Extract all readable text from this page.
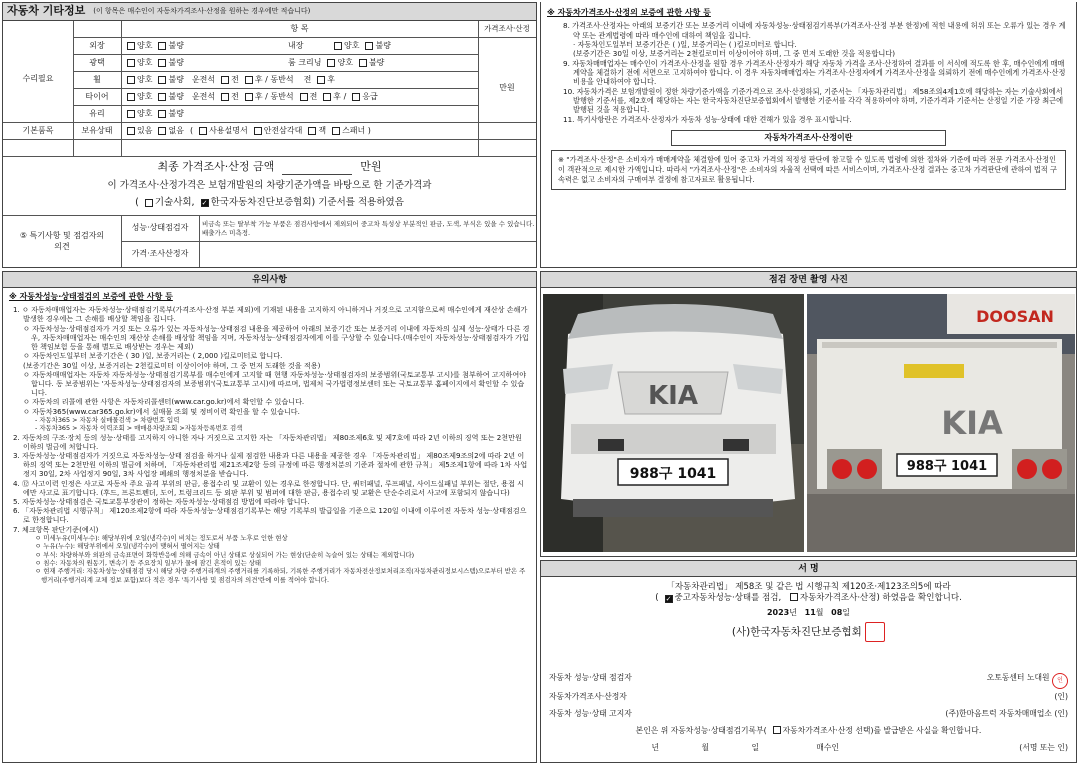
자동차 기타정보 (이 항목은 매수인이 자동차가격조사·산정을 원하는 경우에만 적습니다)
항 목	가격조사·산정
수리필요
만원
외장	양호 불량	내장	양호 불량
광택	양호 불량	룸 크리닝 양호 불량
휠	양호 불량 운전석 전 후 / 동반석 전 후
타이어	양호 불량 운전석 전 후 / 동반석 전 후 / 응급
유리	양호 불량
기본품목	보유상태	있음 없음 ( 사용설명서 안전삼각대 잭 스패너 )
최종 가격조사·산정 금액
	만원
이 가격조사·산정가격은 보험개발원의 차량기준가액을 바탕으로 한 기준가격과
( 기술사회, ✓ 한국자동차진단보증협회 ) 기준서를 적용하였음
⑤ 특기사항 및 점검자의 의견
성능·상태점검자 비금속 또는 탈부착 가능 부품은 점검사항에서 제외되어 중고차 특성상 부분적인 판금, 도색, 부식은 있을 수 있습니다. 배출가스 미측정.
가격·조사산정자
※ 자동차가격조사·산정의 보증에 관한 사항 등
8. 가격조사·산정자는 아래의 보증기간 또는 보증거리 이내에 자동차성능·상태점검기록부(가격조사·산정 부분 한정)에 적힌 내용에 허위 또는 오류가 있는 경우 계약 또는 관계법령에 따라 매수인에 대하여 책임을 집니다.
· 자동차인도일부터 보증기간은 ( )일, 보증거리는 ( )킬로미터로 합니다.
(보증기간은 30일 이상, 보증거리는 2천킬로미터 이상이어야 하며, 그 중 먼저 도래한 것을 적용합니다)
9. 자동차매매업자는 매수인이 가격조사·산정을 원할 경우 가격조사·산정자가 해당 자동차 가격을 조사·산정하여 결과를 이 서식에 적도록 한 후, 매수인에게 매매계약을 체결하기 전에 서면으로 고지하여야 합니다. 이 경우 자동차매매업자는 가격조사·산정자에게 가격조사·산정을 의뢰하기 전에 매수인에게 가격조사·산정 비용을 안내하여야 합니다.
10. 자동차가격은 보험개발원이 정한 차량기준가액을 기준가격으로 조사·산정하되, 기준서는 「자동차관리법」 제58조의4제1호에 해당하는 자는 기술사회에서 발행한 기준서를, 제2호에 해당하는 자는 한국자동차진단보증협회에서 발행한 기준서를 각각 적용하여야 하며, 기준가격과 기준서는 산정일 기준 가장 최근에 발행된 것을 적용합니다.
11. 특기사항란은 가격조사·산정자가 자동차 성능·상태에 대한 견해가 있을 경우 표시합니다.
자동차가격조사·산정이란
※ "가격조사·산정"은 소비자가 매매계약을 체결함에 있어 중고차 가격의 적정성 판단에 참고할 수 있도록 법령에 의한 절차와 기준에 따라 전문 가격조사·산정인이 객관적으로 제시한 가액입니다. 따라서 "가격조사·산정"은 소비자의 자율적 선택에 따른 서비스이며, 가격조사·산정 결과는 중고차 가격판단에 관하여 법적 구속력은 없고 소비자의 구매여부 결정에 참고자료로 활용됩니다.
유의사항
※ 자동차성능·상태점검의 보증에 관한 사항 등
1. ㅇ 자동차매매업자는 자동차성능·상태점검기록부(가격조사·산정 부분 제외)에 기재된 내용을 고지하지 아니하거나 거짓으로 고지함으로써 매수인에게 재산상 손해가 발생한 경우에는 그 손해를 배상할 책임을 집니다.
ㅇ 자동차성능·상태점검자가 거짓 또는 오류가 있는 자동차성능·상태점검 내용을 제공하여 아래의 보증기간 또는 보증거리 이내에 자동차의 실제 성능·상태가 다른 경우, 자동차매매업자는 매수인의 재산상 손해를 배상할 책임을 지며, 자동차성능·상태점검자에게 이를 구상할 수 있습니다.(매수인이 자동차성능·상태점검자가 가입한 책임보험 등을 통해 별도로 배상받는 경우는 제외)
ㅇ 자동차인도일부터 보증기간은 ( 30 )일, 보증거리는 ( 2,000 )킬로미터로 합니다.
(보증기간은 30일 이상, 보증거리는 2천킬로미터 이상이어야 하며, 그 중 먼저 도래한 것을 적용)
ㅇ 자동차매매업자는 자동차 자동차성능·상태점검기록부를 매수인에게 고지할 때 현행 자동차성능·상태점검자의 보증범위(국토교통부 고시)를 첨부하여 고지하여야 합니다. 동 보증범위는 '자동차성능·상태점검자의 보증범위'(국토교통부 고시)에 따르며, 법제처 국가법령정보센터 또는 국토교통부 홈페이지에서 확인할 수 있습니다.
ㅇ 자동차의 리콜에 관한 사항은 자동차리콜센터(www.car.go.kr)에서 확인할 수 있습니다.
ㅇ 자동차365(www.car365.go.kr)에서 실매물 조회 및 정비이력 확인을 할 수 있습니다.
- 자동차365 > 자동차 실매물검색 > 차량번호 입력
- 자동차365 > 자동차 이력조회 > 매매용차량조회 >자동차등록번호 검색
2. 자동차의 구조·장치 등의 성능·상태를 고지하지 아니한 자나 거짓으로 고지한 자는 「자동차관리법」 제80조제6호 및 제7호에 따라 2년 이하의 징역 또는 2천만원 이하의 벌금에 처합니다.
3. 자동차성능·상태점검자가 거짓으로 자동차성능·상태 점검을 하거나 실제 점검한 내용과 다른 내용을 제공한 경우 「자동차관리법」 제80조제9조의2에 따라 2년 이하의 징역 또는 2천만원 이하의 벌금에 처하며, 「자동차관리법 제21조제2항 등의 규정에 따른 행정처분의 기준과 절차에 관한 규칙」 제5조제1항에 따라 1차 사업정지 30일, 2차 사업정지 90일, 3차 사업장 폐쇄의 행정처분을 받습니다.
4. ⑫ 사고이력 인정은 사고로 자동차 주요 골격 부위의 판금, 용접수리 및 교환이 있는 경우로 한정합니다. 단, 쿼터패널, 루프패널, 사이드실패널 부위는 절단, 용접 시에만 사고로 표기합니다. (후드, 프론트펜더, 도어, 트렁크리드 등 외판 부위 및 범퍼에 대한 판금, 용접수리 및 교환은 단순수리로서 사고에 포함되지 않습니다)
5. 자동차성능·상태점검은 국토교통부장관이 정하는 자동차성능·상태점검 방법에 따라야 합니다.
6. 「자동차관리법 시행규칙」 제120조제2항에 따라 자동차성능·상태점검기록부는 해당 기록부의 발급일을 기준으로 120일 이내에 이루어진 자동차 성능·상태점검으로 한정합니다.
7. 체크항목 판단기준(예시)
ㅇ 미세누유(미세누수): 해당부위에 오일(냉각수)이 비치는 정도로서 부품 노후로 인한 현상
ㅇ 누유(누수): 해당부위에서 오일(냉각수)이 맺혀서 떨어지는 상태
ㅇ 부식: 차량하부와 외판의 금속표면이 화학반응에 의해 금속이 아닌 상태로 상실되어 가는 현상(단순히 녹슬어 있는 상태는 제외합니다)
ㅇ 침수: 자동차의 원동기, 변속기 등 주요장치 일부가 물에 잠긴 흔적이 있는 상태
ㅇ 현재 주행거리: 자동차성능·상태점검 당시 해당 차량 주행거리계의 주행거리를 기록하되, 기록한 주행거리가 자동차전산정보처리조직(자동차관리정보시스템)으로부터 받은 주행거리(주행거리계 교체 정보 포함)보다 적은 경우 '특기사항 및 점검자의 의견'란에 이를 적어야 합니다.
점검 장면 촬영 사진
KIA
988구 1041
DOOSAN
KIA
988구 1041
서 명
「자동차관리법」 제58조 및 같은 법 시행규칙 제120조·제123조의5에 따라
( ✓ 중고자동차성능·상태를 점검, 자동차가격조사·산정) 하였음을 확인합니다.
2023년 11월 08일
(사)한국자동차진단보증협회
자동차 성능·상태 점검자	오토동센터 노대원
	인
자동차가격조사·산정자	(인)
자동차 성능·상태 고지자	(주)한마음트럭 자동차매매업소 (인)
본인은 위 자동차성능·상태점검기록부( 자동차가격조사·산정 선택)를 발급받은 사실을 확인합니다.
년	월	일	매수인	(서명 또는 인)
